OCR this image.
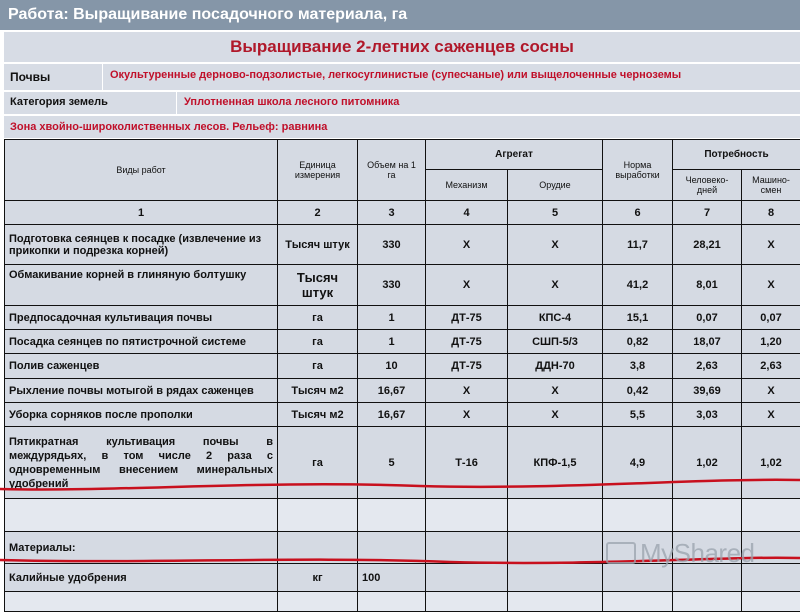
Работа: Выращивание посадочного материала, га
Выращивание 2-летних саженцев сосны
Почвы	Окультуренные дерново-подзолистые, легкосуглинистые (супесчаные) или выщелоченные черноземы
Категория земель	Уплотненная школа лесного питомника
Зона хвойно-широколиственных лесов. Рельеф: равнина
Виды работ	Единица измерения	Объем на 1 га	Агрегат		Норма выработки	Потребность	
			Механизм	Орудие		Человеко-дней	Машино-смен
1	2	3	4	5	6	7	8
Подготовка сеянцев к посадке (извлечение из прикопки и подрезка корней)	Тысяч штук	330	Х	Х	11,7	28,21	Х
Обмакивание корней в глиняную болтушку	Тысяч штук	330	Х	Х	41,2	8,01	Х
Предпосадочная культивация почвы	га	1	ДТ-75	КПС-4	15,1	0,07	0,07
Посадка сеянцев по пятистрочной системе	га	1	ДТ-75	СШП-5/3	0,82	18,07	1,20
Полив саженцев	га	10	ДТ-75	ДДН-70	3,8	2,63	2,63
Рыхление почвы мотыгой в рядах саженцев	Тысяч м2	16,67	Х	Х	0,42	39,69	Х
Уборка сорняков после прополки	Тысяч м2	16,67	Х	Х	5,5	3,03	Х
Пятикратная культивация почвы в междурядьях, в том числе 2 раза с одновременным внесением минеральных удобрений	га	5	Т-16	КПФ-1,5	4,9	1,02	1,02

Материалы:							
Калийные удобрения	кг	100					

MyShared
